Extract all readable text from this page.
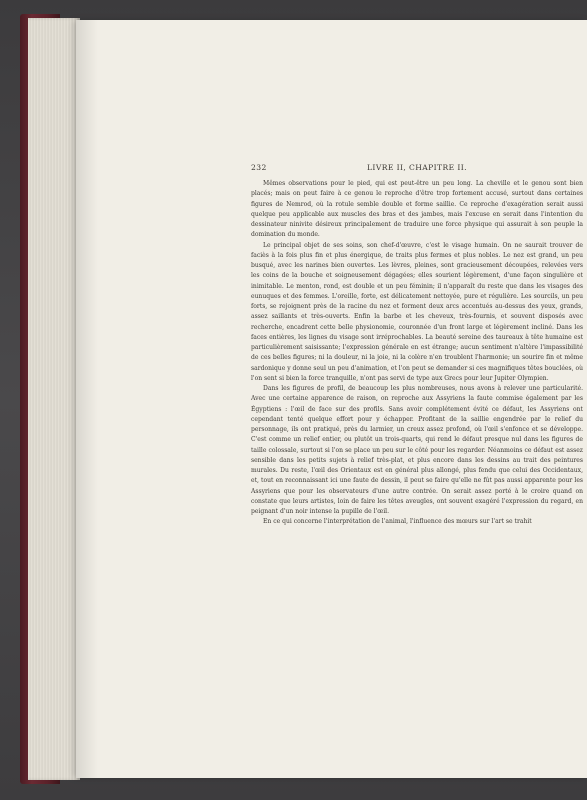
232	LIVRE II, CHAPITRE II.

Mêmes observations pour le pied, qui est peut-être un peu long. La cheville et le genou sont bien placés; mais on peut faire à ce genou le reproche d'être trop fortement accusé, surtout dans certaines figures de Nemrod, où la rotule semble double et forme saillie. Ce reproche d'exagération serait aussi quelque peu applicable aux muscles des bras et des jambes, mais l'excuse en serait dans l'intention du dessinateur ninivite désireux principalement de traduire une force physique qui assurait à son peuple la domination du monde.

Le principal objet de ses soins, son chef-d'œuvre, c'est le visage humain. On ne saurait trouver de faciès à la fois plus fin et plus énergique, de traits plus fermes et plus nobles. Le nez est grand, un peu busqué, avec les narines bien ouvertes. Les lèvres, pleines, sont gracieusement découpées, relevées vers les coins de la bouche et soigneusement dégagées; elles sourient légèrement, d'une façon singulière et inimitable. Le menton, rond, est double et un peu féminin; il n'apparaît du reste que dans les visages des eunuques et des femmes. L'oreille, forte, est délicatement nettoyée, pure et régulière. Les sourcils, un peu forts, se rejoignent près de la racine du nez et forment deux arcs accentués au-dessus des yeux, grands, assez saillants et très-ouverts. Enfin la barbe et les cheveux, très-fournis, et souvent disposés avec recherche, encadrent cette belle physionomie, couronnée d'un front large et légèrement incliné. Dans les faces entières, les lignes du visage sont irréprochables. La beauté sereine des taureaux à tête humaine est particulièrement saisissante; l'expression générale en est étrange; aucun sentiment n'altère l'impassibilité de ces belles figures; ni la douleur, ni la joie, ni la colère n'en troublent l'harmonie; un sourire fin et même sardonique y donne seul un peu d'animation, et l'on peut se demander si ces magnifiques têtes bouclées, où l'on sent si bien la force tranquille, n'ont pas servi de type aux Grecs pour leur Jupiter Olympien.

Dans les figures de profil, de beaucoup les plus nombreuses, nous avons à relever une particularité. Avec une certaine apparence de raison, on reproche aux Assyriens la faute commise également par les Égyptiens : l'œil de face sur des profils. Sans avoir complétement évité ce défaut, les Assyriens ont cependant tenté quelque effort pour y échapper. Profitant de la saillie engendrée par le relief du personnage, ils ont pratiqué, près du larmier, un creux assez profond, où l'œil s'enfonce et se développe. C'est comme un relief entier, ou plutôt un trois-quarts, qui rend le défaut presque nul dans les figures de taille colossale, surtout si l'on se place un peu sur le côté pour les regarder. Néanmoins ce défaut est assez sensible dans les petits sujets à relief très-plat, et plus encore dans les dessins au trait des peintures murales. Du reste, l'œil des Orientaux est en général plus allongé, plus fendu que celui des Occidentaux, et, tout en reconnaissant ici une faute de dessin, il peut se faire qu'elle ne fût pas aussi apparente pour les Assyriens que pour les observateurs d'une autre contrée. On serait assez porté à le croire quand on constate que leurs artistes, loin de faire les têtes aveugles, ont souvent exagéré l'expression du regard, en peignant d'un noir intense la pupille de l'œil.

En ce qui concerne l'interprétation de l'animal, l'influence des mœurs sur l'art se trahit
